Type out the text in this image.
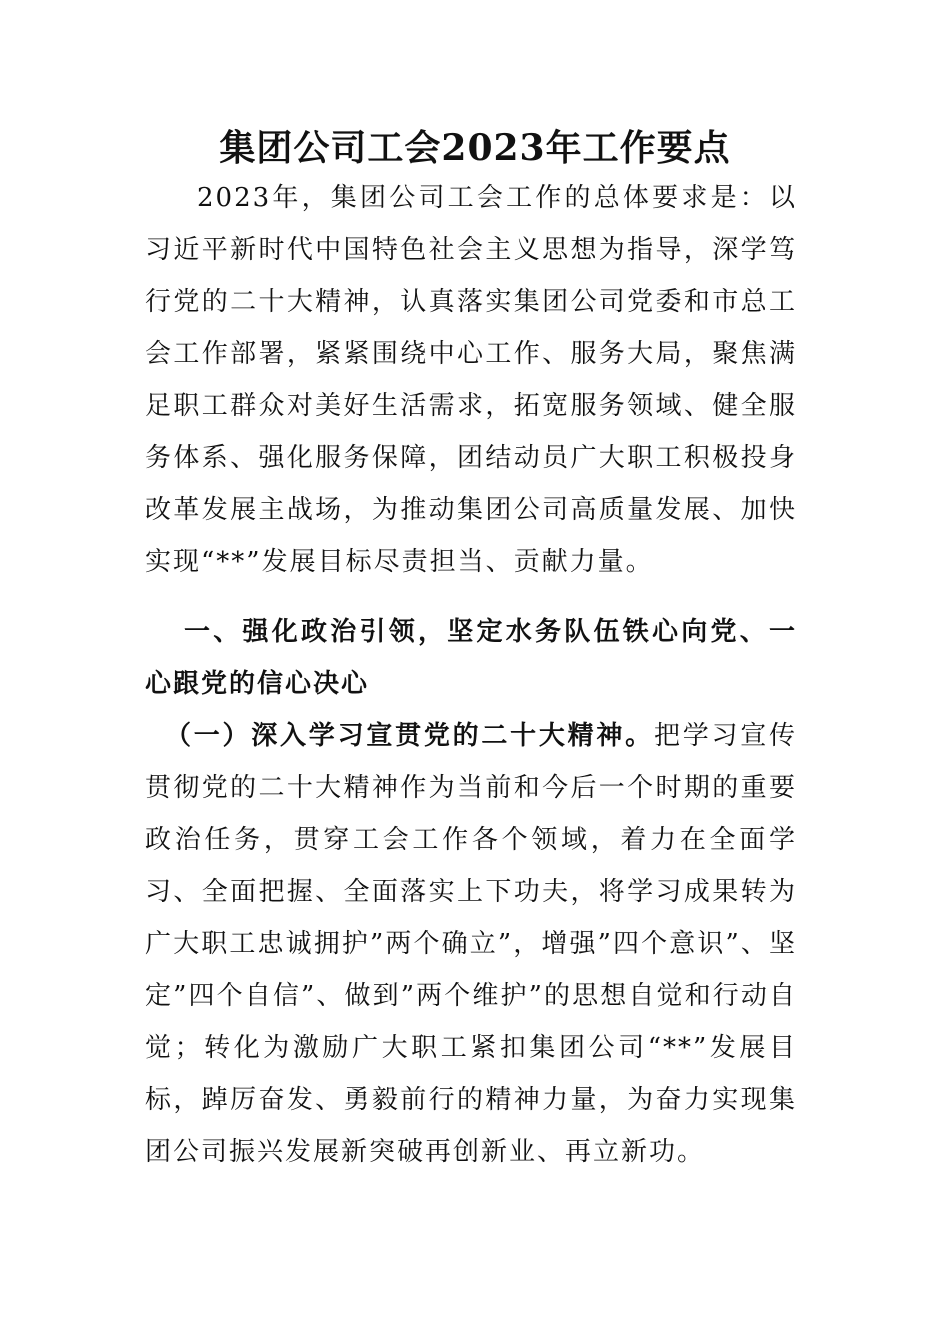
集团公司工会2023年工作要点

2023年，集团公司工会工作的总体要求是：以习近平新时代中国特色社会主义思想为指导，深学笃行党的二十大精神，认真落实集团公司党委和市总工会工作部署，紧紧围绕中心工作、服务大局，聚焦满足职工群众对美好生活需求，拓宽服务领域、健全服务体系、强化服务保障，团结动员广大职工积极投身改革发展主战场，为推动集团公司高质量发展、加快实现“**”发展目标尽责担当、贡献力量。

一、强化政治引领，坚定水务队伍铁心向党、一心跟党的信心决心

（一）深入学习宣贯党的二十大精神。把学习宣传贯彻党的二十大精神作为当前和今后一个时期的重要政治任务，贯穿工会工作各个领域，着力在全面学习、全面把握、全面落实上下功夫，将学习成果转为广大职工忠诚拥护”两个确立”，增强”四个意识”、坚定”四个自信”、做到”两个维护”的思想自觉和行动自觉；转化为激励广大职工紧扣集团公司“**”发展目标，踔厉奋发、勇毅前行的精神力量，为奋力实现集团公司振兴发展新突破再创新业、再立新功。
